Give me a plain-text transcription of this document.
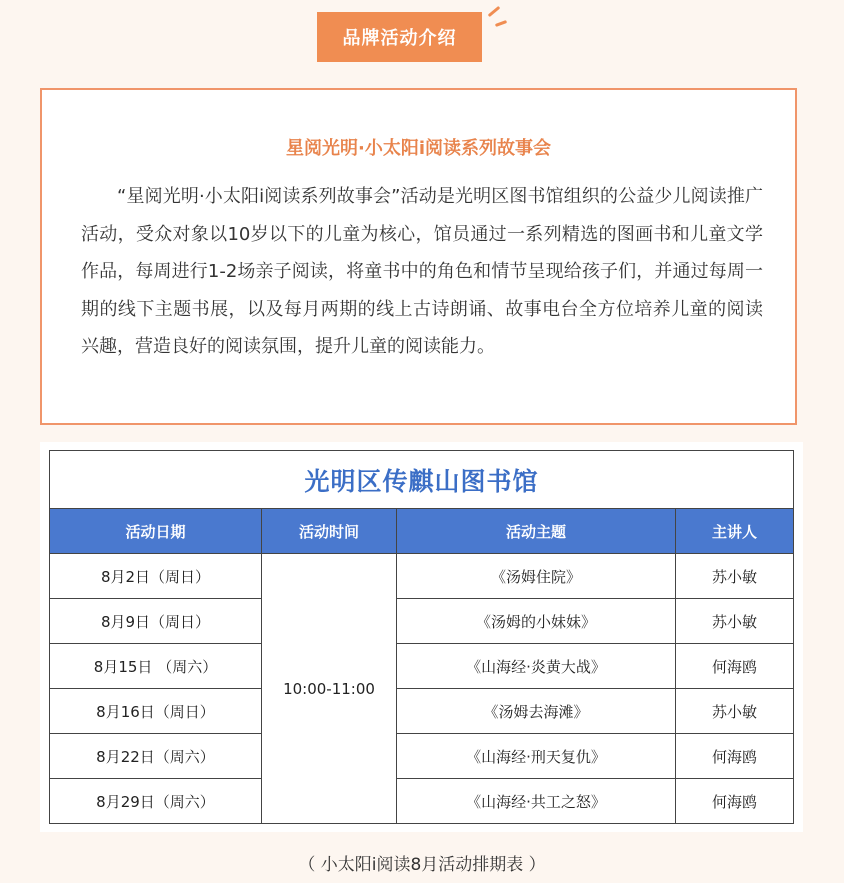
品牌活动介绍
星阅光明·小太阳i阅读系列故事会
“星阅光明·小太阳i阅读系列故事会”活动是光明区图书馆组织的公益少儿阅读推广活动，受众对象以10岁以下的儿童为核心，馆员通过一系列精选的图画书和儿童文学作品，每周进行1-2场亲子阅读，将童书中的角色和情节呈现给孩子们，并通过每周一期的线下主题书展，以及每月两期的线上古诗朗诵、故事电台全方位培养儿童的阅读兴趣，营造良好的阅读氛围，提升儿童的阅读能力。
光明区传麒山图书馆			
活动日期	活动时间	活动主题	主讲人
8月2日（周日）	10:00-11:00	《汤姆住院》	苏小敏
8月9日（周日）		《汤姆的小妹妹》	苏小敏
8月15日 （周六）		《山海经·炎黄大战》	何海鸥
8月16日（周日）		《汤姆去海滩》	苏小敏
8月22日（周六）		《山海经·刑天复仇》	何海鸥
8月29日（周六）		《山海经·共工之怒》	何海鸥
（ 小太阳i阅读8月活动排期表 ）
